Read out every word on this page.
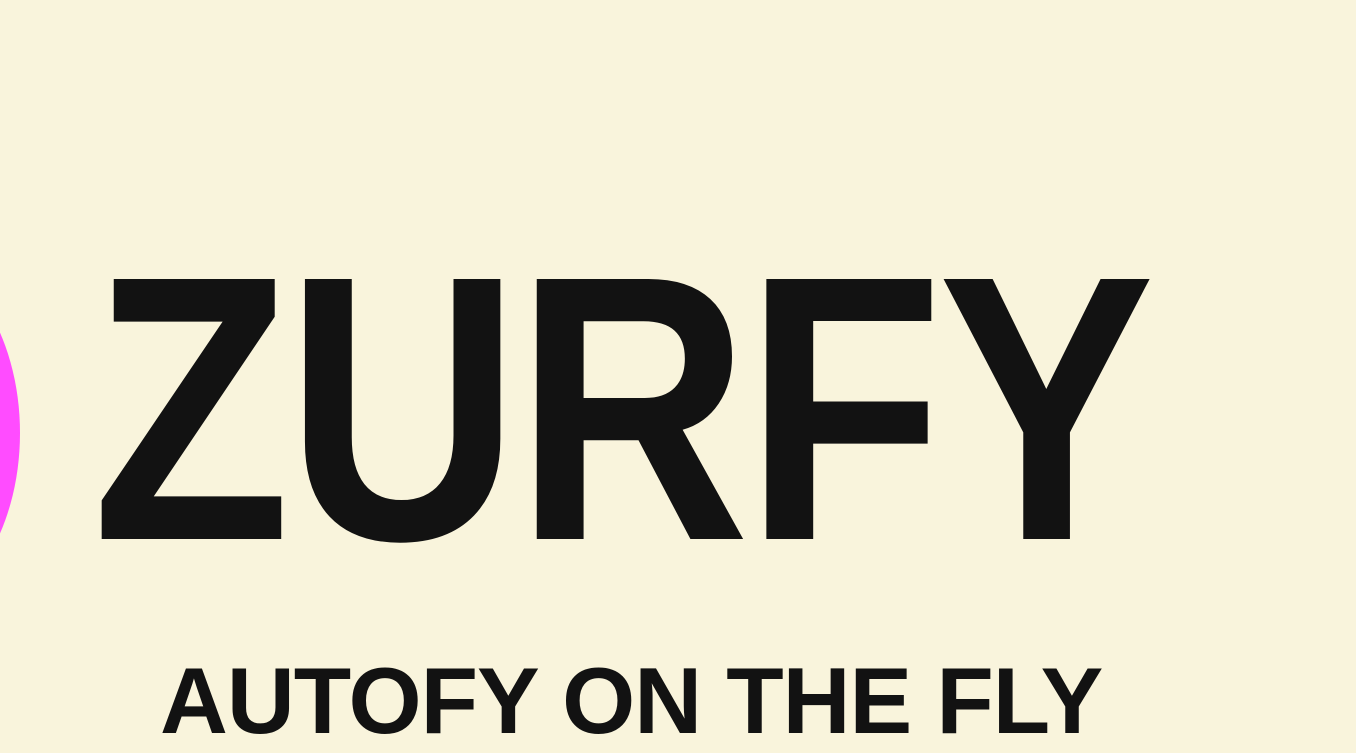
ZURFY

AUTOFY ON THE FLY
